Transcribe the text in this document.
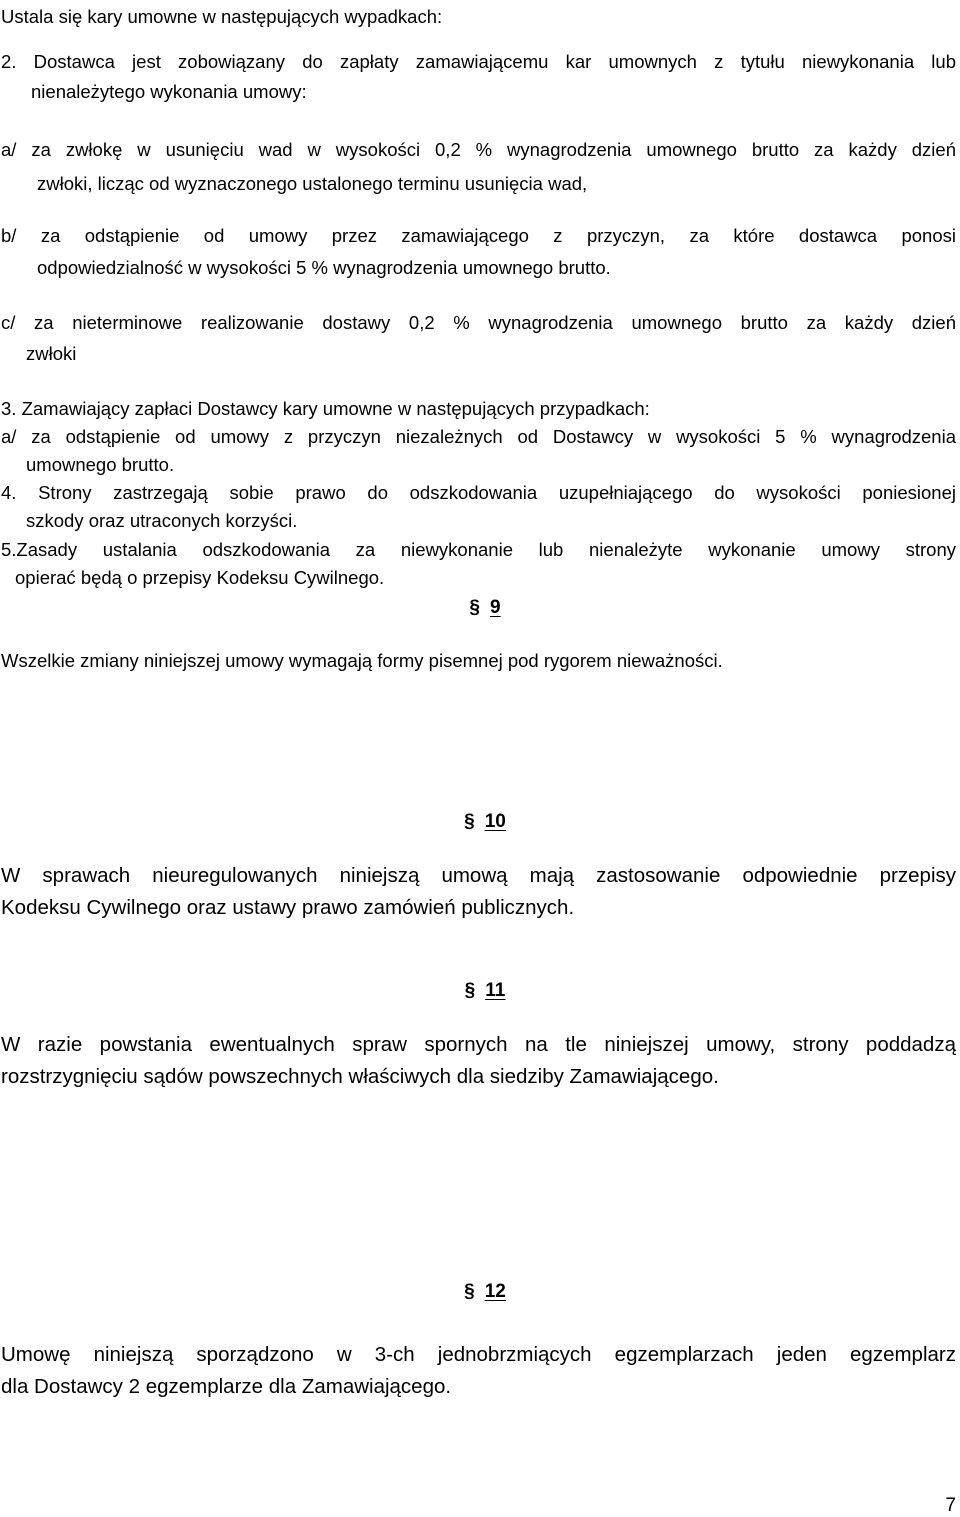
Ustala się kary umowne w następujących wypadkach:
2. Dostawca jest zobowiązany do zapłaty zamawiającemu kar umownych z tytułu niewykonania lub
nienależytego wykonania umowy:
a/ za zwłokę w usunięciu wad w wysokości 0,2 % wynagrodzenia umownego brutto za każdy dzień
zwłoki, licząc od wyznaczonego ustalonego terminu usunięcia wad,
b/ za odstąpienie od umowy przez zamawiającego z przyczyn, za które dostawca ponosi
odpowiedzialność w wysokości 5 % wynagrodzenia umownego brutto.
c/ za nieterminowe realizowanie dostawy 0,2 % wynagrodzenia umownego brutto za każdy dzień
zwłoki
3. Zamawiający zapłaci Dostawcy kary umowne w następujących przypadkach:
a/ za odstąpienie od umowy z przyczyn niezależnych od Dostawcy w wysokości 5 % wynagrodzenia
umownego brutto.
4. Strony zastrzegają sobie prawo do odszkodowania uzupełniającego do wysokości poniesionej
szkody oraz utraconych korzyści.
5.Zasady ustalania odszkodowania za niewykonanie lub nienależyte wykonanie umowy strony
opierać będą o przepisy Kodeksu Cywilnego.
§ 9
Wszelkie zmiany niniejszej umowy wymagają formy pisemnej pod rygorem nieważności.
§ 10
W sprawach nieuregulowanych niniejszą umową mają zastosowanie odpowiednie przepisy
Kodeksu Cywilnego oraz ustawy prawo zamówień publicznych.
§ 11
W razie powstania ewentualnych spraw spornych na tle niniejszej umowy, strony poddadzą
rozstrzygnięciu sądów powszechnych właściwych dla siedziby Zamawiającego.
§ 12
Umowę niniejszą sporządzono w 3-ch jednobrzmiących egzemplarzach jeden egzemplarz
dla Dostawcy 2 egzemplarze dla Zamawiającego.
7
